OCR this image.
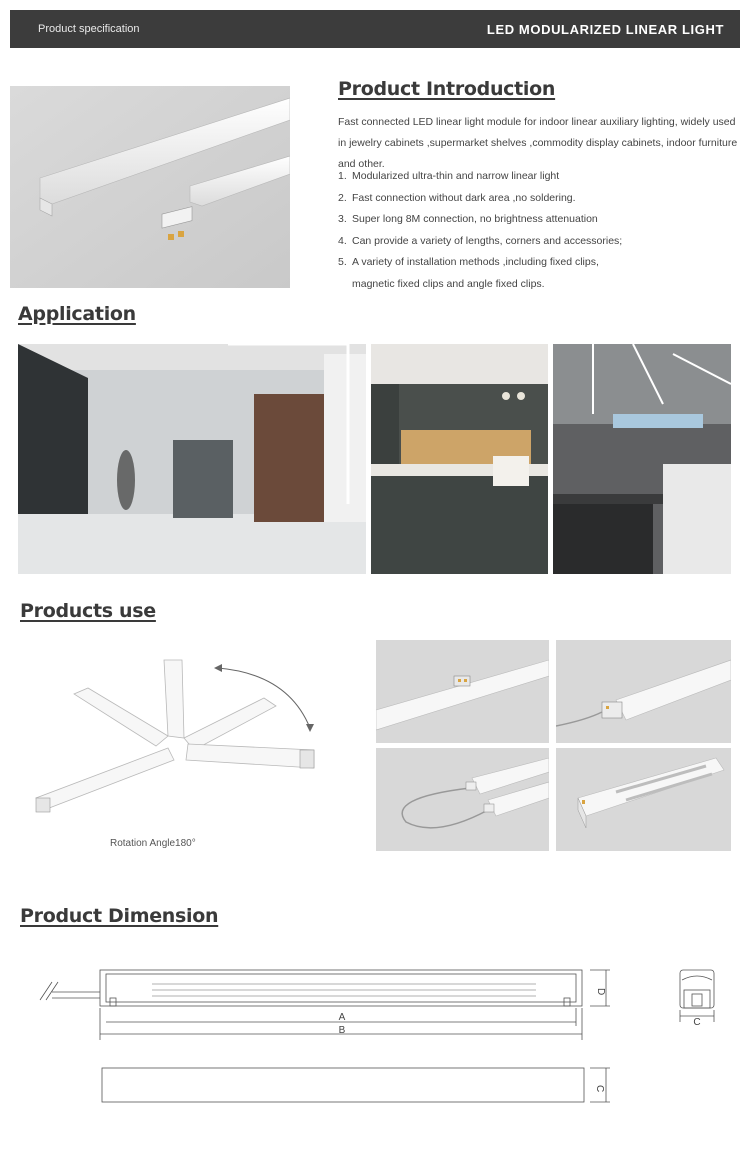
Product specification	LED MODULARIZED LINEAR LIGHT
Product Introduction

Fast connected LED linear light module for indoor linear auxiliary lighting, widely used in jewelry cabinets ,supermarket shelves ,commodity display cabinets, indoor furniture and other.

1. Modularized ultra-thin and narrow linear light
2. Fast connection without dark area ,no soldering.
3. Super long 8M connection, no brightness attenuation
4. Can provide a variety of lengths, corners and accessories;
5. A variety of installation methods ,including fixed clips,
magnetic fixed clips and angle fixed clips.
Application
Products use
Rotation Angle180°
Product Dimension
A
B
D
C
C
